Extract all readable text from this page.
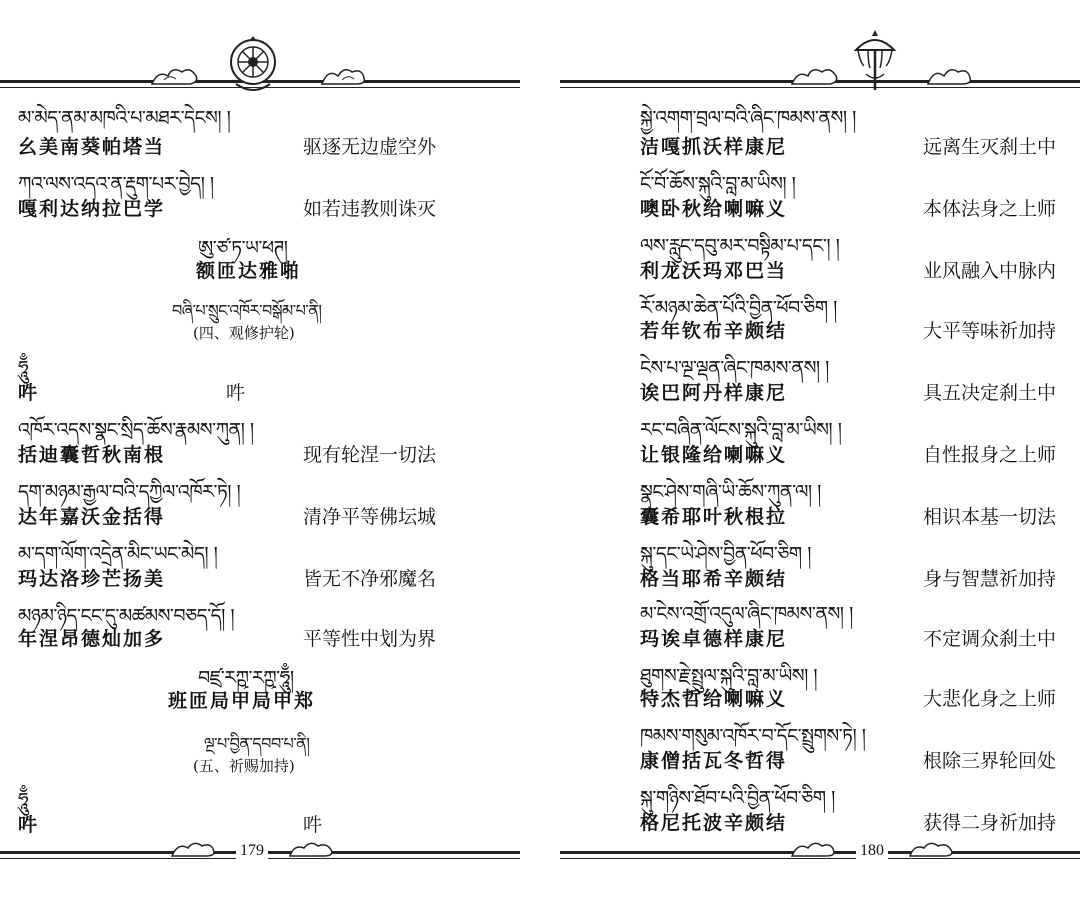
མ་མེད་ནམ་མཁའི་པ་མཐར་དེངས། །
幺美南葵帕塔当	驱逐无边虚空外
ཀའ་ལས་འདའ་ན་རྡུག་པར་བྱེད། །
嘎利达纳拉巴学	如若违教则诛灭
ཨུ་ཙ་ཏ་ཡ་ཕཊ།
额匝达雅啪
བཞི་པ་སྲུང་འཁོར་བསྒོམ་པ་ནི།
(四、观修护轮)
ཧཱུྃ
吽	吽
འཁོར་འདས་སྣང་སྲིད་ཆོས་རྣམས་ཀུན། །
括迪囊哲秋南根	现有轮涅一切法
དག་མཉམ་རྒྱལ་བའི་དཀྱིལ་འཁོར་ཏེ། །
达年嘉沃金括得	清净平等佛坛城
མ་དག་ལོག་འདྲེན་མིང་ཡང་མེད། །
玛达洛珍芒扬美	皆无不净邪魔名
མཉམ་ཉིད་ངང་དུ་མཚམས་བཅད་དོ། །
年涅昂德灿加多	平等性中划为界
བཛྲ་རཀྵ་རཀྵ་ཧཱུྃ།
班匝局甲局甲郑
ལྔ་པ་བྱིན་དབབ་པ་ནི།
(五、祈赐加持)
ཧཱུྃ
吽	吽
179
སྐྱེ་འགག་བྲལ་བའི་ཞིང་ཁམས་ནས། །
洁嘎抓沃样康尼	远离生灭刹土中
ངོ་བོ་ཆོས་སྐུའི་བླ་མ་ཡིས། །
噢卧秋给喇嘛义	本体法身之上师
ལས་རླུང་དབུ་མར་བསྟིམ་པ་དང་། །
利龙沃玛邓巴当	业风融入中脉内
རོ་མཉམ་ཆེན་པོའི་བྱིན་ཕོབ་ཅིག །
若年钦布辛颇结	大平等味祈加持
ངེས་པ་ལྔ་ལྡན་ཞིང་ཁམས་ནས། །
诶巴阿丹样康尼	具五决定刹土中
རང་བཞིན་ལོངས་སྐུའི་བླ་མ་ཡིས། །
让银隆给喇嘛义	自性报身之上师
སྣང་ཤེས་གཞི་ཡི་ཆོས་ཀུན་ལ། །
囊希耶叶秋根拉	相识本基一切法
སྐུ་དང་ཡེ་ཤེས་བྱིན་ཕོབ་ཅིག །
格当耶希辛颇结	身与智慧祈加持
མ་ངེས་འགྲོ་འདུལ་ཞིང་ཁམས་ནས། །
玛诶卓德样康尼	不定调众刹土中
ཐུགས་རྗེ་སྤྲུལ་སྐུའི་བླ་མ་ཡིས། །
特杰哲给喇嘛义	大悲化身之上师
ཁམས་གསུམ་འཁོར་བ་དོང་སྤྲུགས་ཏེ། །
康僧括瓦冬哲得	根除三界轮回处
སྐུ་གཉིས་ཐོབ་པའི་བྱིན་ཕོབ་ཅིག །
格尼托波辛颇结	获得二身祈加持
180
